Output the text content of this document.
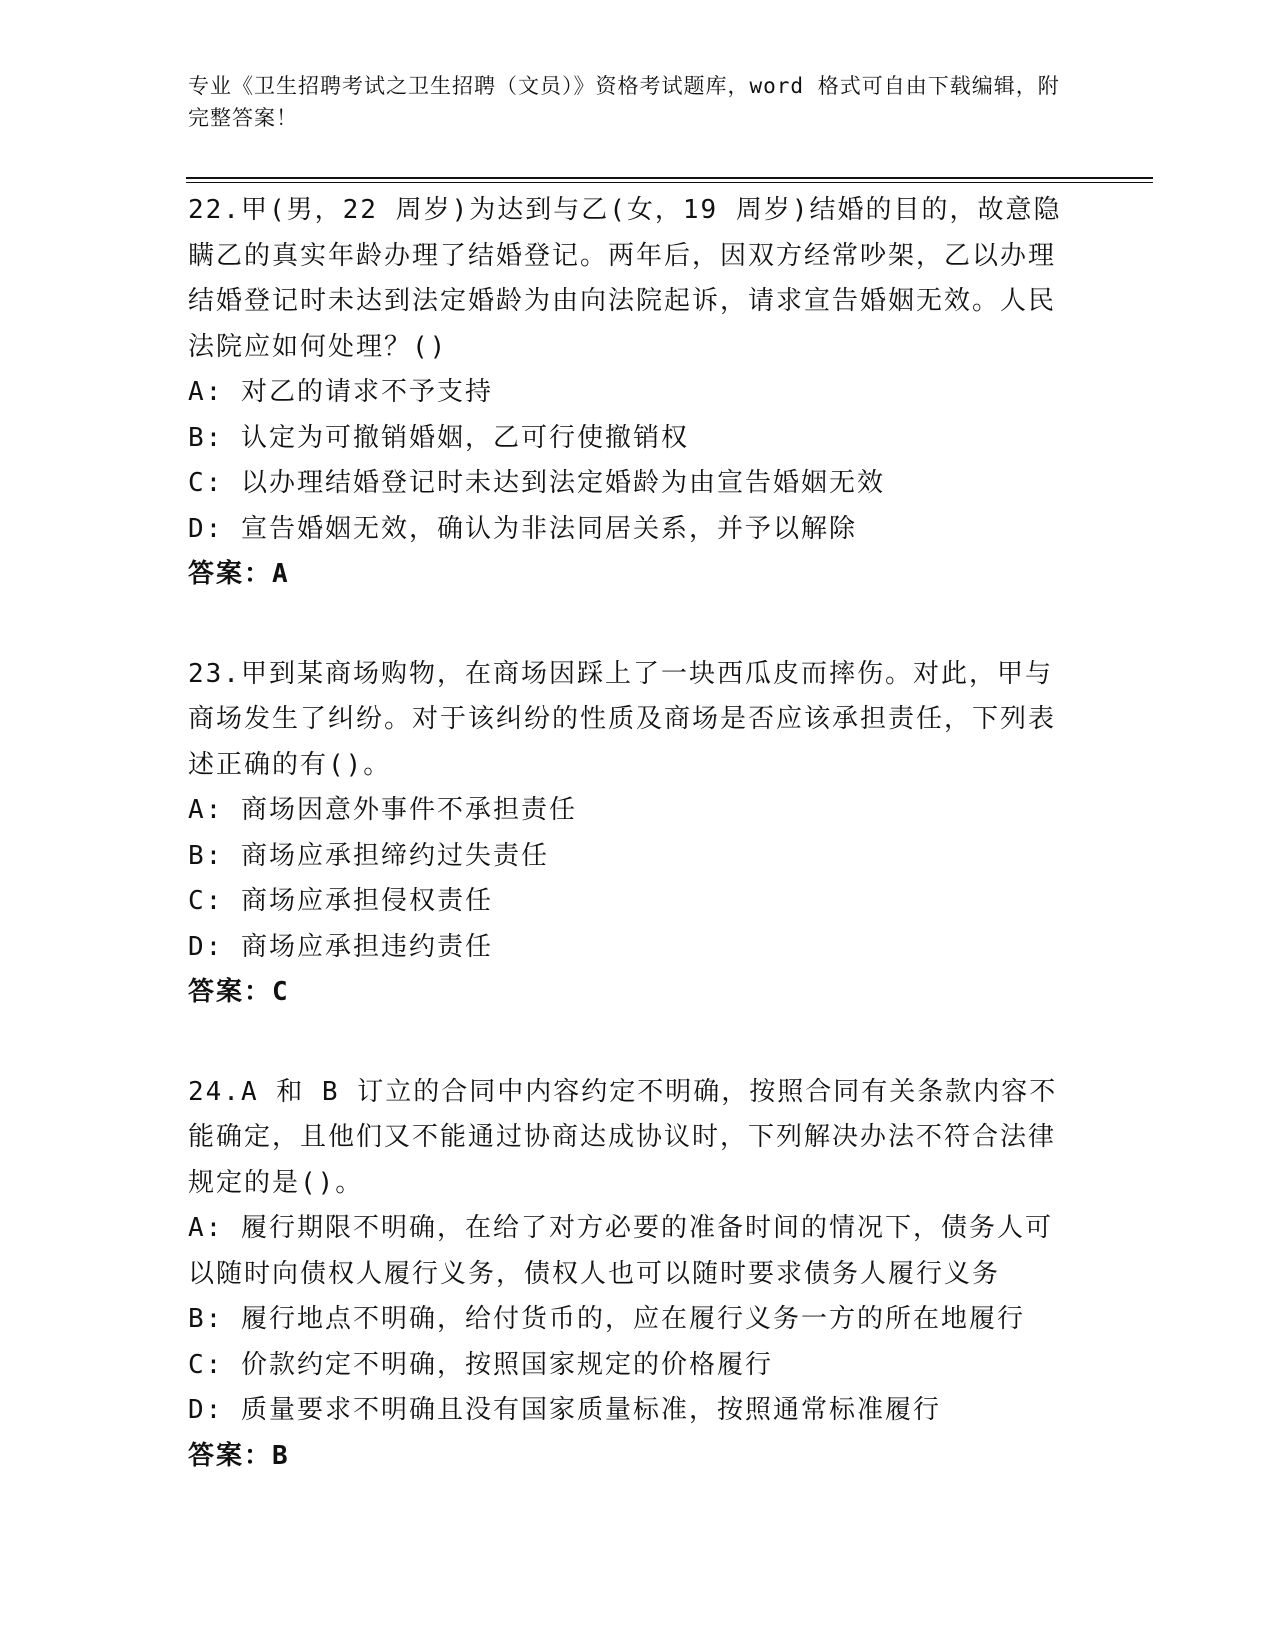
专业《卫生招聘考试之卫生招聘（文员）》资格考试题库，word 格式可自由下载编辑，附完整答案！
22.甲(男，22 周岁)为达到与乙(女，19 周岁)结婚的目的，故意隐瞒乙的真实年龄办理了结婚登记。两年后，因双方经常吵架，乙以办理结婚登记时未达到法定婚龄为由向法院起诉，请求宣告婚姻无效。人民法院应如何处理？()
A: 对乙的请求不予支持
B: 认定为可撤销婚姻，乙可行使撤销权
C: 以办理结婚登记时未达到法定婚龄为由宣告婚姻无效
D: 宣告婚姻无效，确认为非法同居关系，并予以解除
答案：A
23.甲到某商场购物，在商场因踩上了一块西瓜皮而摔伤。对此，甲与商场发生了纠纷。对于该纠纷的性质及商场是否应该承担责任，下列表述正确的有()。
A: 商场因意外事件不承担责任
B: 商场应承担缔约过失责任
C: 商场应承担侵权责任
D: 商场应承担违约责任
答案：C
24.A 和 B 订立的合同中内容约定不明确，按照合同有关条款内容不能确定，且他们又不能通过协商达成协议时，下列解决办法不符合法律规定的是()。
A: 履行期限不明确，在给了对方必要的准备时间的情况下，债务人可以随时向债权人履行义务，债权人也可以随时要求债务人履行义务
B: 履行地点不明确，给付货币的，应在履行义务一方的所在地履行
C: 价款约定不明确，按照国家规定的价格履行
D: 质量要求不明确且没有国家质量标准，按照通常标准履行
答案：B
